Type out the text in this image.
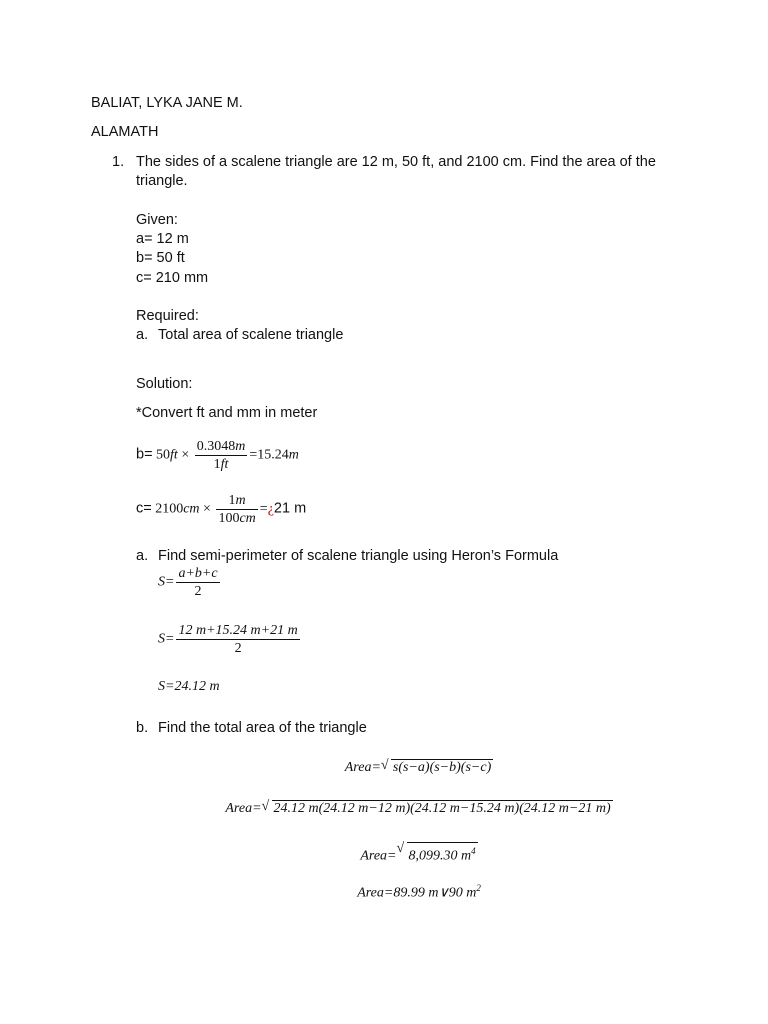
BALIAT, LYKA JANE M.
ALAMATH
1. The sides of a scalene triangle are 12 m, 50 ft, and 2100 cm. Find the area of the
triangle.
Given:
a= 12 m
b= 50 ft
c= 210 mm
Required:
a. Total area of scalene triangle
Solution:
*Convert ft and mm in meter
$b= 50ft \times \frac{0.3048m}{1ft} =15.24m$
$c= 2100cm \times \frac{1m}{100cm}$ =¿21 m
a. Find semi-perimeter of scalene triangle using Heron’s Formula
$S= \frac{a+b+c}{2}$
$S= \frac{12 m+15.24 m+21 m}{2}$
S=24.12 m
b. Find the total area of the triangle
Area= √ s(s−a)(s−b)(s−c)
Area= √ 24.12 m(24.12 m−12 m)(24.12 m−15.24 m)(24.12 m−21 m)
Area= √ 8,099.30 $m^4$
Area=89.99 m∨90 $m^2$
